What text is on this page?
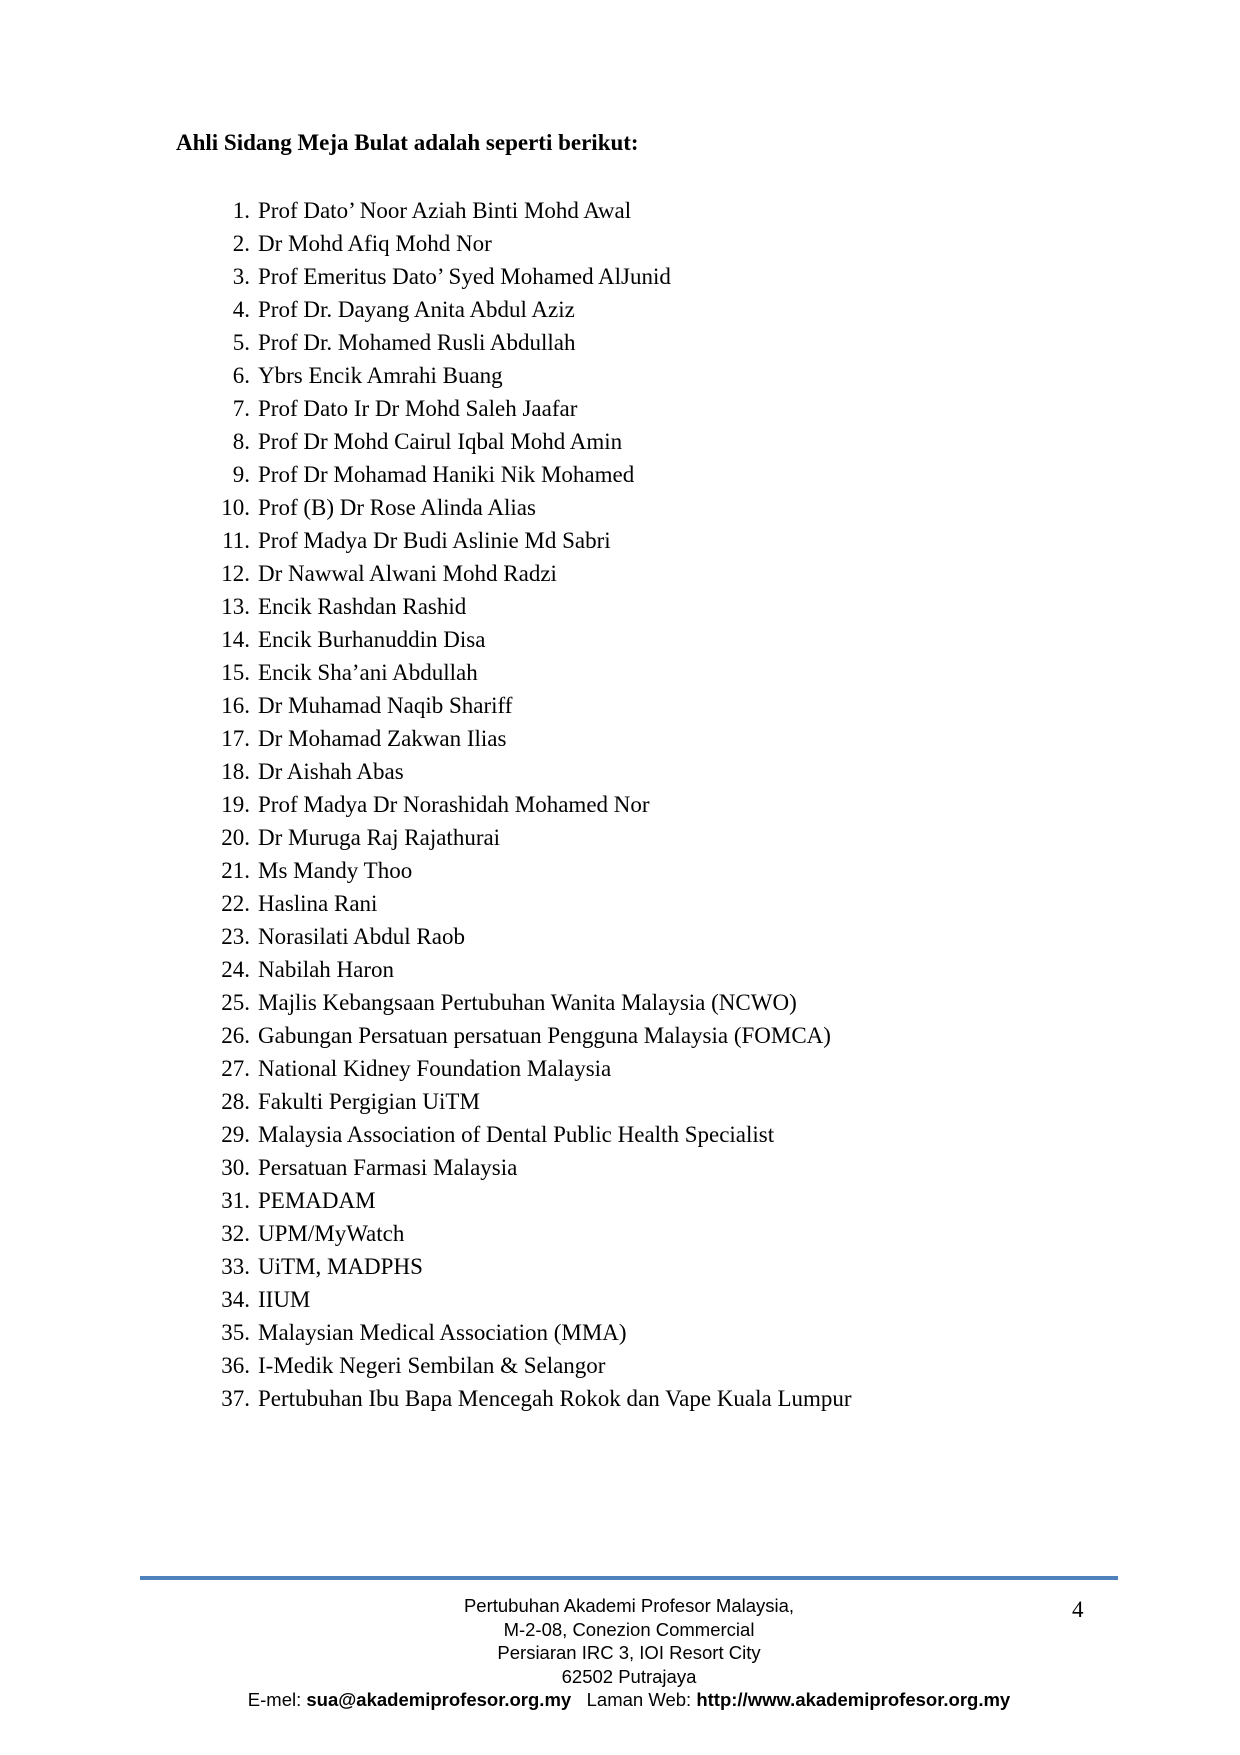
Ahli Sidang Meja Bulat adalah seperti berikut:
1. Prof Dato’ Noor Aziah Binti Mohd Awal
2. Dr Mohd Afiq Mohd Nor
3. Prof Emeritus Dato’ Syed Mohamed AlJunid
4. Prof Dr. Dayang Anita Abdul Aziz
5. Prof Dr. Mohamed Rusli Abdullah
6. Ybrs Encik Amrahi Buang
7. Prof Dato Ir Dr Mohd Saleh Jaafar
8. Prof Dr Mohd Cairul Iqbal Mohd Amin
9. Prof Dr Mohamad Haniki Nik Mohamed
10. Prof (B) Dr Rose Alinda Alias
11. Prof Madya Dr Budi Aslinie Md Sabri
12. Dr Nawwal Alwani Mohd Radzi
13. Encik Rashdan Rashid
14. Encik Burhanuddin Disa
15. Encik Sha’ani Abdullah
16. Dr Muhamad Naqib Shariff
17. Dr Mohamad Zakwan Ilias
18. Dr Aishah Abas
19. Prof Madya Dr Norashidah Mohamed Nor
20. Dr Muruga Raj Rajathurai
21. Ms Mandy Thoo
22. Haslina Rani
23. Norasilati Abdul Raob
24. Nabilah Haron
25. Majlis Kebangsaan Pertubuhan Wanita Malaysia (NCWO)
26. Gabungan Persatuan persatuan Pengguna Malaysia (FOMCA)
27. National Kidney Foundation Malaysia
28. Fakulti Pergigian UiTM
29. Malaysia Association of Dental Public Health Specialist
30. Persatuan Farmasi Malaysia
31. PEMADAM
32. UPM/MyWatch
33. UiTM, MADPHS
34. IIUM
35. Malaysian Medical Association (MMA)
36. I-Medik Negeri Sembilan & Selangor
37. Pertubuhan Ibu Bapa Mencegah Rokok dan Vape Kuala Lumpur
Pertubuhan Akademi Profesor Malaysia,
M-2-08, Conezion Commercial
Persiaran IRC 3, IOI Resort City
62502 Putrajaya
E-mel: sua@akademiprofesor.org.my Laman Web: http://www.akademiprofesor.org.my
4
